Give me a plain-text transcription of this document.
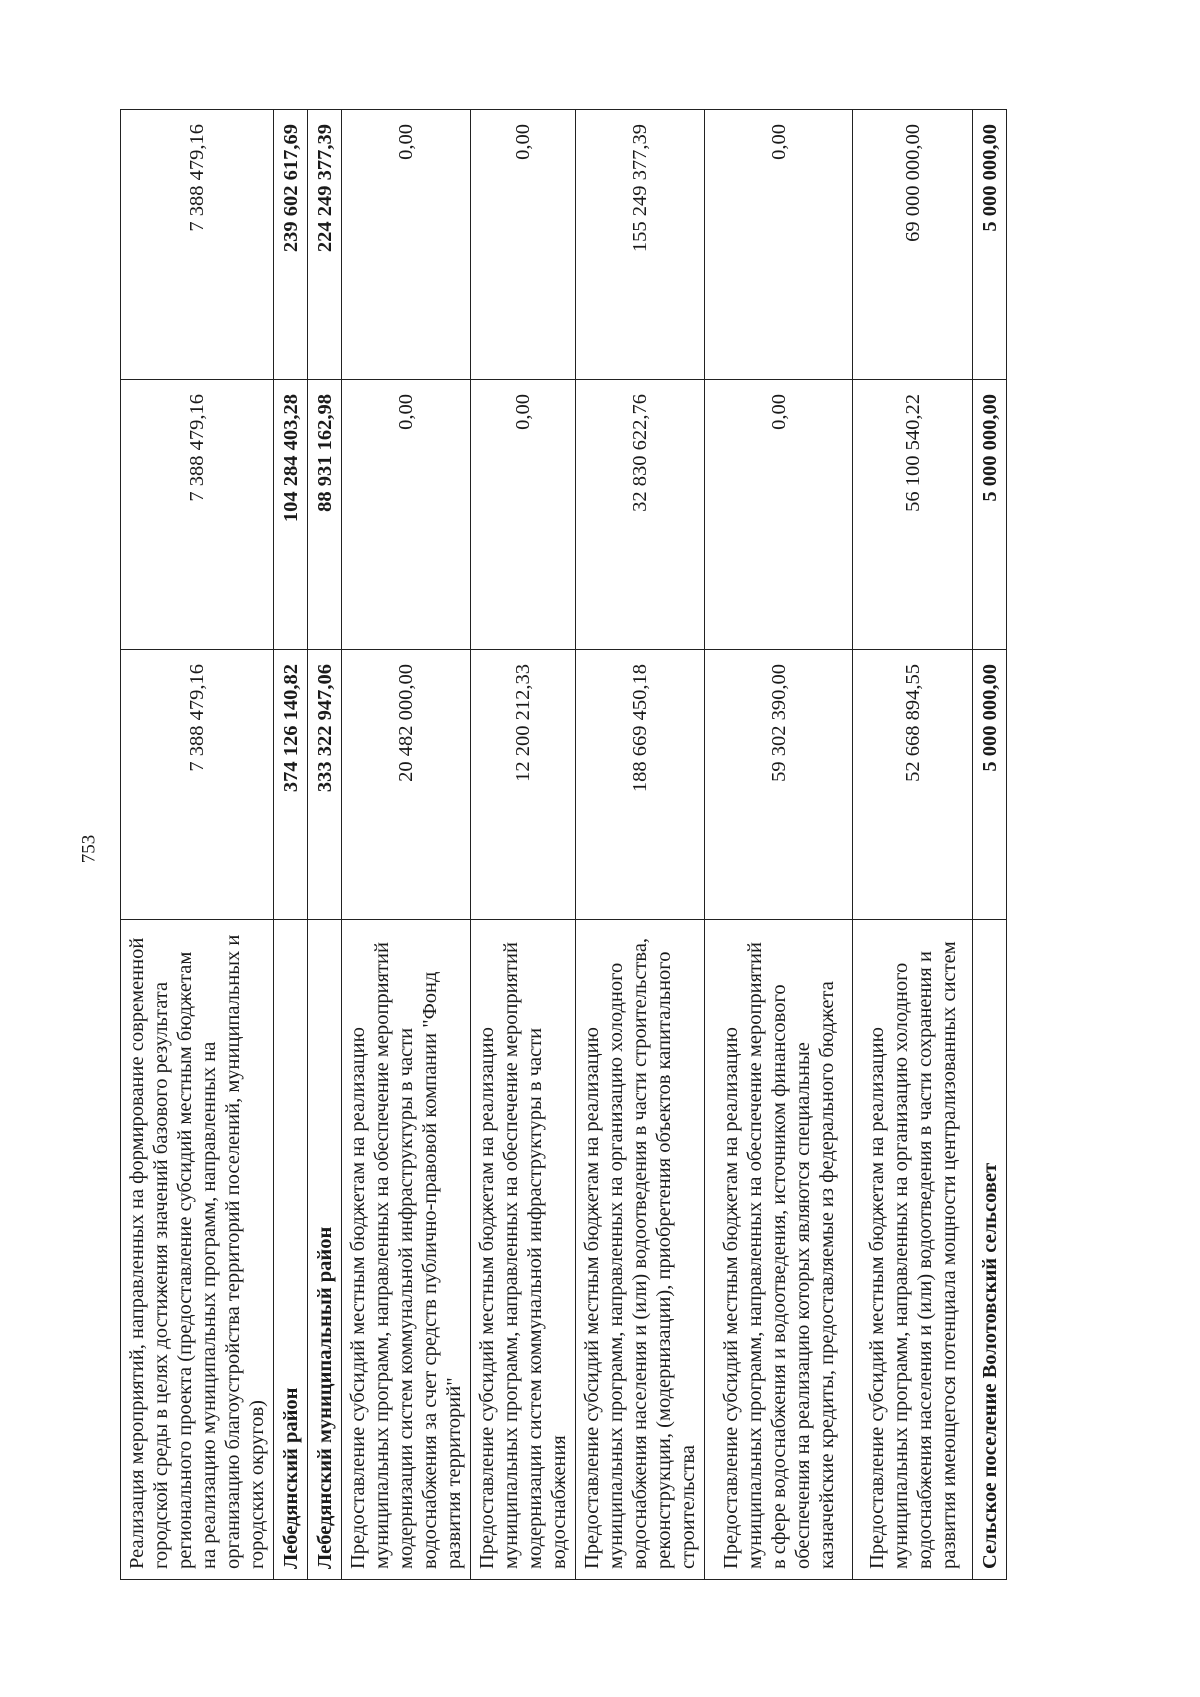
753
Реализация мероприятий, направленных на формирование современной городской среды в целях достижения значений базового результата регионального проекта (предоставление субсидий местным бюджетам на реализацию муниципальных программ, направленных на организацию благоустройства территорий поселений, муниципальных и городских округов)	7 388 479,16	7 388 479,16	7 388 479,16
Лебедянский район	374 126 140,82	104 284 403,28	239 602 617,69
Лебедянский муниципальный район	333 322 947,06	88 931 162,98	224 249 377,39
Предоставление субсидий местным бюджетам на реализацию муниципальных программ, направленных на обеспечение мероприятий модернизации систем коммунальной инфраструктуры в части водоснабжения за счет средств публично-правовой компании "Фонд развития территорий"	20 482 000,00	0,00	0,00
Предоставление субсидий местным бюджетам на реализацию муниципальных программ, направленных на обеспечение мероприятий модернизации систем коммунальной инфраструктуры в части водоснабжения	12 200 212,33	0,00	0,00
Предоставление субсидий местным бюджетам на реализацию муниципальных программ, направленных на организацию холодного водоснабжения населения и (или) водоотведения в части строительства, реконструкции, (модернизации), приобретения объектов капитального строительства	188 669 450,18	32 830 622,76	155 249 377,39
Предоставление субсидий местным бюджетам на реализацию муниципальных программ, направленных на обеспечение мероприятий в сфере водоснабжения и водоотведения, источником финансового обеспечения на реализацию которых являются специальные казначейские кредиты, предоставляемые из федерального бюджета	59 302 390,00	0,00	0,00
Предоставление субсидий местным бюджетам на реализацию муниципальных программ, направленных на организацию холодного водоснабжения населения и (или) водоотведения в части сохранения и развития имеющегося потенциала мощности централизованных систем	52 668 894,55	56 100 540,22	69 000 000,00
Сельское поселение Волотовский сельсовет	5 000 000,00	5 000 000,00	5 000 000,00
